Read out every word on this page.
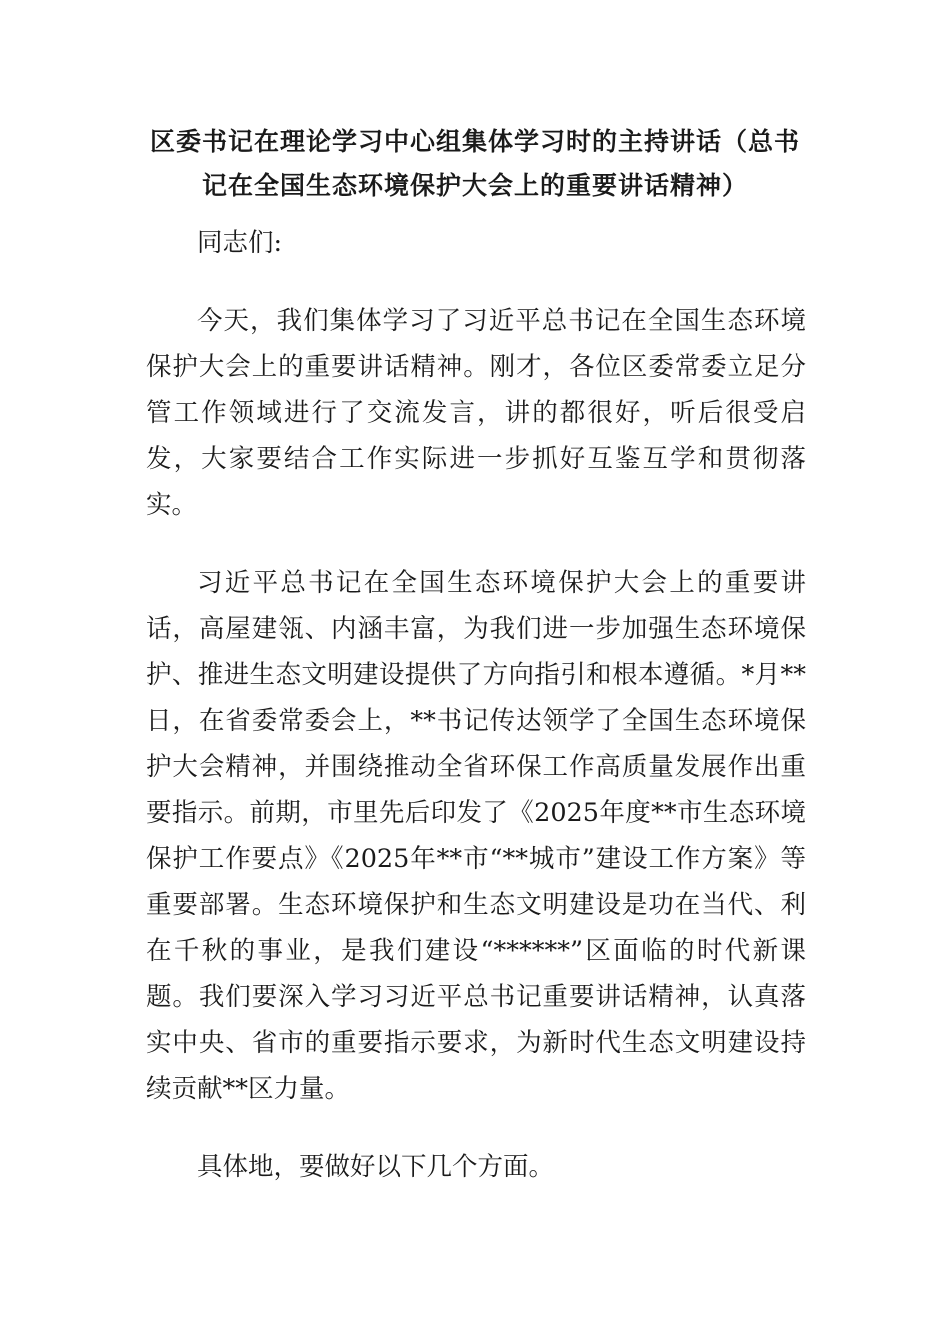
区委书记在理论学习中心组集体学习时的主持讲话（总书记在全国生态环境保护大会上的重要讲话精神）

同志们:

今天，我们集体学习了习近平总书记在全国生态环境保护大会上的重要讲话精神。刚才，各位区委常委立足分管工作领域进行了交流发言，讲的都很好，听后很受启发，大家要结合工作实际进一步抓好互鉴互学和贯彻落实。

习近平总书记在全国生态环境保护大会上的重要讲话，高屋建瓴、内涵丰富，为我们进一步加强生态环境保护、推进生态文明建设提供了方向指引和根本遵循。*月**日，在省委常委会上，**书记传达领学了全国生态环境保护大会精神，并围绕推动全省环保工作高质量发展作出重要指示。前期，市里先后印发了《2025年度**市生态环境保护工作要点》《2025年**市“**城市”建设工作方案》等重要部署。生态环境保护和生态文明建设是功在当代、利在千秋的事业，是我们建设“******”区面临的时代新课题。我们要深入学习习近平总书记重要讲话精神，认真落实中央、省市的重要指示要求，为新时代生态文明建设持续贡献**区力量。

具体地，要做好以下几个方面。
